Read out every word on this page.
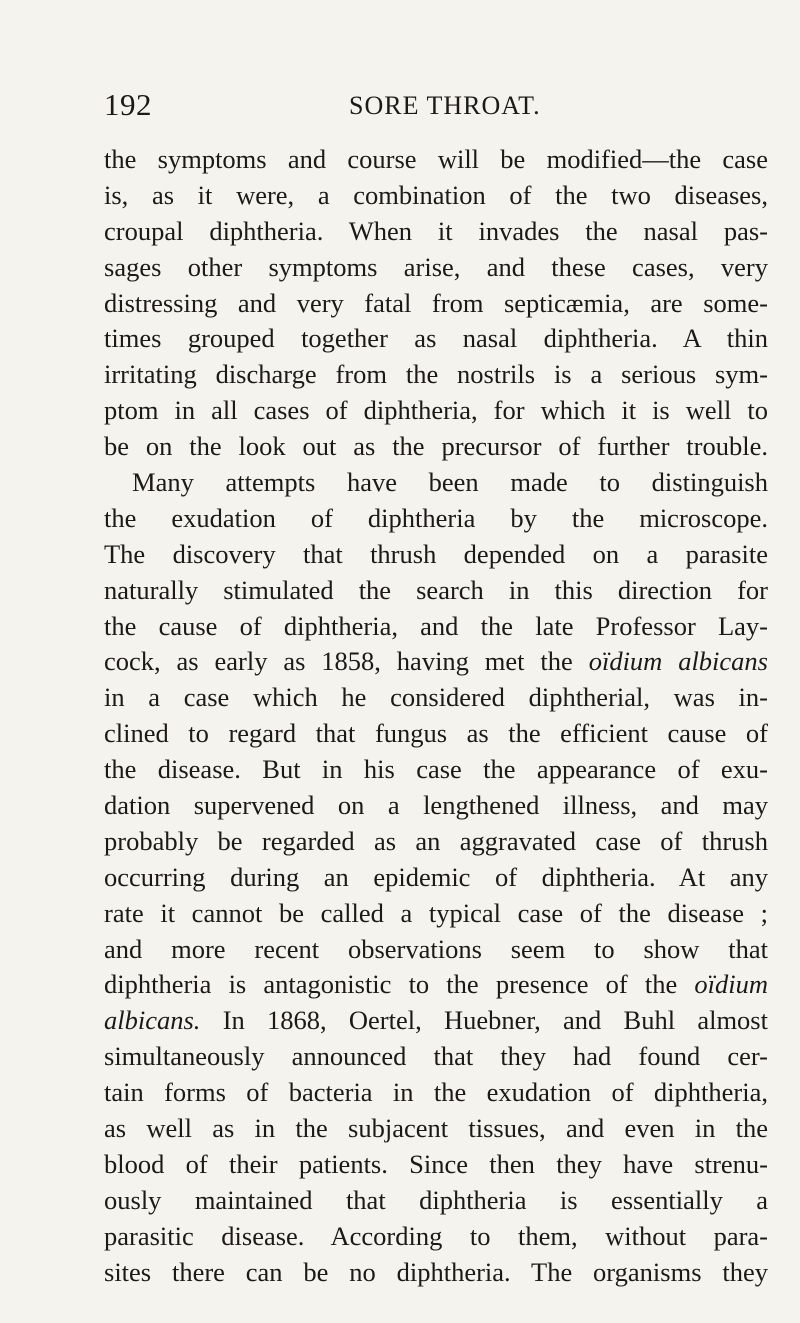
192	SORE THROAT.
the symptoms and course will be modified—the case
is, as it were, a combination of the two diseases,
croupal diphtheria. When it invades the nasal pas-
sages other symptoms arise, and these cases, very
distressing and very fatal from septicæmia, are some-
times grouped together as nasal diphtheria. A thin
irritating discharge from the nostrils is a serious sym-
ptom in all cases of diphtheria, for which it is well to
be on the look out as the precursor of further trouble.
Many attempts have been made to distinguish
the exudation of diphtheria by the microscope.
The discovery that thrush depended on a parasite
naturally stimulated the search in this direction for
the cause of diphtheria, and the late Professor Lay-
cock, as early as 1858, having met the oïdium albicans
in a case which he considered diphtherial, was in-
clined to regard that fungus as the efficient cause of
the disease. But in his case the appearance of exu-
dation supervened on a lengthened illness, and may
probably be regarded as an aggravated case of thrush
occurring during an epidemic of diphtheria. At any
rate it cannot be called a typical case of the disease ;
and more recent observations seem to show that
diphtheria is antagonistic to the presence of the oïdium
albicans. In 1868, Oertel, Huebner, and Buhl almost
simultaneously announced that they had found cer-
tain forms of bacteria in the exudation of diphtheria,
as well as in the subjacent tissues, and even in the
blood of their patients. Since then they have strenu-
ously maintained that diphtheria is essentially a
parasitic disease. According to them, without para-
sites there can be no diphtheria. The organisms they
